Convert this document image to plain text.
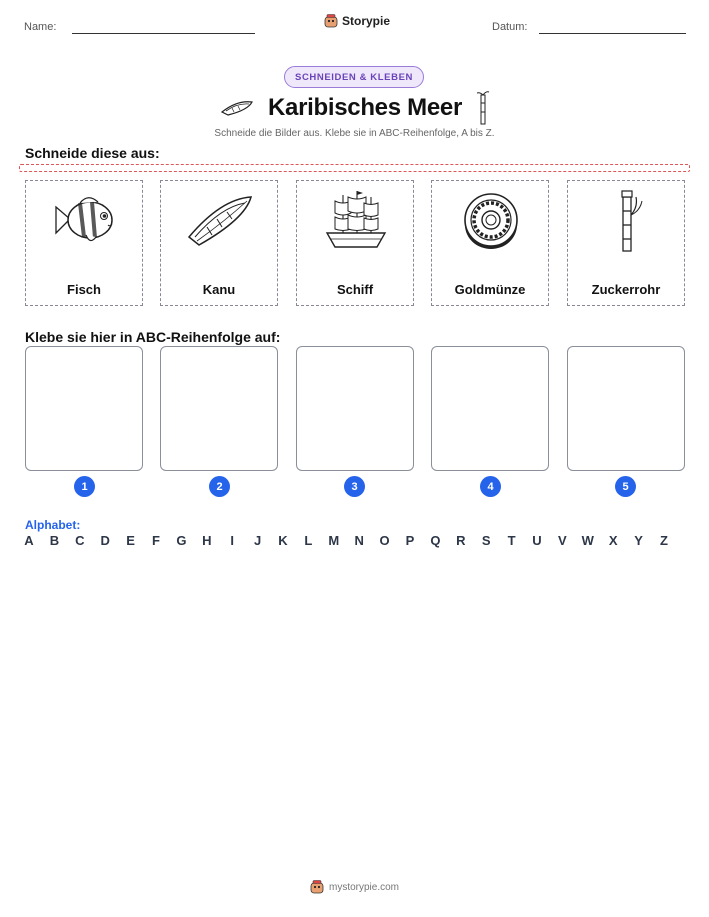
Name:	Storypie	Datum:
SCHNEIDEN & KLEBEN
Karibisches Meer
Schneide die Bilder aus. Klebe sie in ABC-Reihenfolge, A bis Z.
Schneide diese aus:
Fisch	Kanu	Schiff	Goldmünze	Zuckerrohr
Klebe sie hier in ABC-Reihenfolge auf:
1	2	3	4	5
Alphabet:
A B C D E	F	G H	I	J	K	L	M N O P Q R S	T	U V W X Y	Z
mystorypie.com
